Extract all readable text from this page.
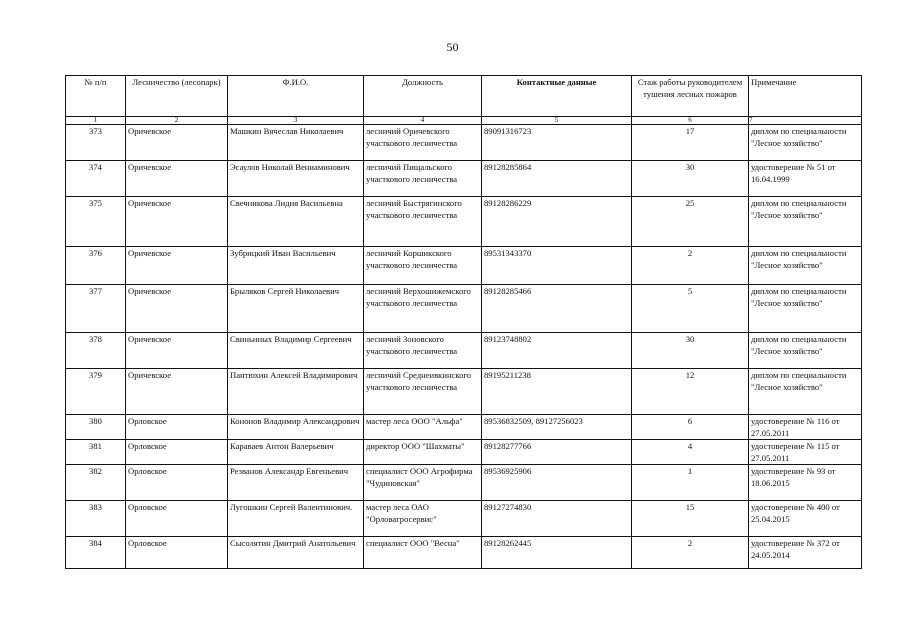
50
№ п/п	Лесничество (лесопарк)	Ф.И.О.	Должность	Контактные данные	Стаж работы руководителем тушения лесных пожаров	Примечание
1	2	3	4	5	6	7
373	Оричевское	Машкин Вячеслав Николаевич	лесничий Оричевского участкового лесничества	89091316723	17	диплом по специальности "Лесное хозяйство"
374	Оричевское	Эсаулов Николай Вениаминович	лесничий Пищальского участкового лесничества	89128285864	30	удостоверение № 51 от 16.04.1999
375	Оричевское	Свечникова Лидия Васильевна	лесничий Быстрягинского участкового лесничества	89128286229	25	диплом по специальности "Лесное хозяйство"
376	Оричевское	Зубрицкий Иван Васильевич	лесничий Коршикского участкового лесничества	89531343370	2	диплом по специальности "Лесное хозяйство"
377	Оричевское	Брыляков Сергей Николаевич	лесничий Верхошижемского участкового лесничества	89128285466	5	диплом по специальности "Лесное хозяйство"
378	Оричевское	Свиньиных Владимир Сергеевич	лесничий Зоновского участкового лесничества	89123748802	30	диплом по специальности "Лесное хозяйство"
379	Оричевское	Пантюхин Алексей Владимирович	лесничий Среднеивкинского участкового лесничества	89195211238	12	диплом по специальности "Лесное хозяйство"
380	Орловское	Кононов Владимир Александрович	мастер леса ООО "Альфа"	89536832509, 89127256023	6	удостоверение № 116 от 27.05.2011
381	Орловское	Караваев Антон Валерьевич	директор ООО "Шахматы"	89128277766	4	удостоверение № 115 от 27.05.2011
382	Орловское	Резванов Александр Евгеньевич	специалист ООО Агрофирма "Чудиновская"	89536925906	1	удостоверение № 93 от 18.06.2015
383	Орловское	Лугошкин Сергей Валентинович.	мастер леса ОАО "Орловагросервис"	89127274830	15	удостоверение № 400 от 25.04.2015
384	Орловское	Сысолятин Дмитрий Анатольевич	специалист ООО "Весна"	89128262445	2	удостоверение № 372 от 24.05.2014
